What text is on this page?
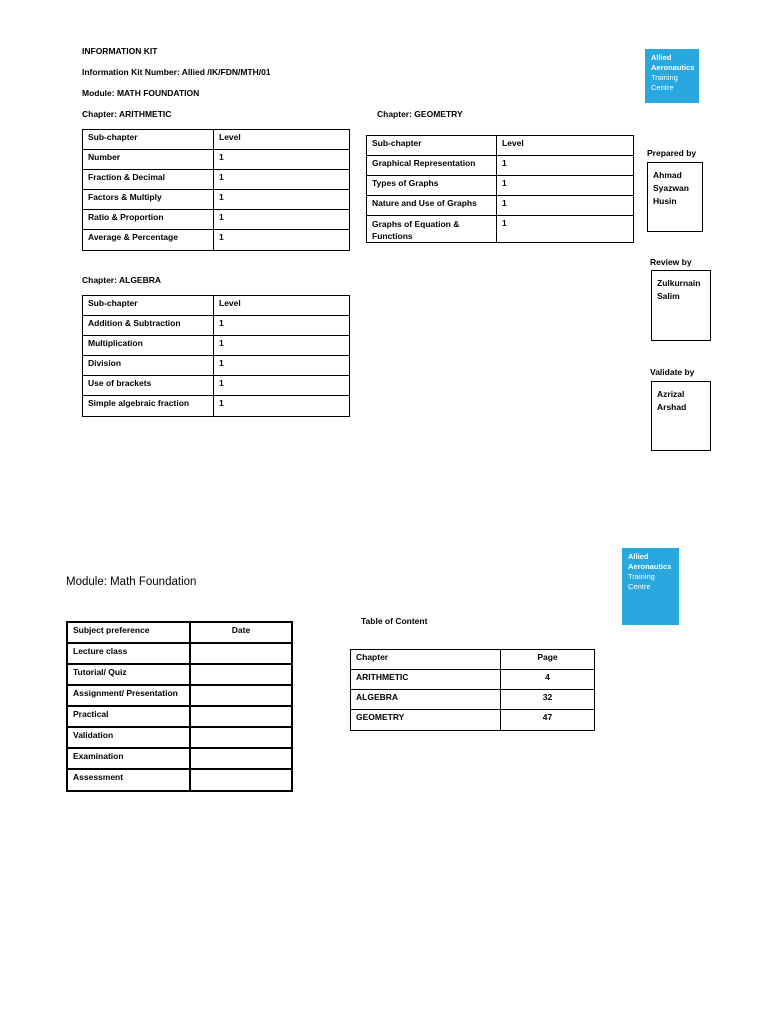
INFORMATION KIT
Information Kit Number: Allied /IK/FDN/MTH/01
Module: MATH FOUNDATION
Allied
Aeronautics
Training
Centre
Chapter: ARITHMETIC
Sub-chapter	Level
Number	1
Fraction & Decimal	1
Factors & Multiply	1
Ratio & Proportion	1
Average & Percentage	1
Chapter: GEOMETRY
Sub-chapter	Level
Graphical Representation	1
Types of Graphs	1
Nature and Use of Graphs	1
Graphs of Equation & Functions	1
Chapter: ALGEBRA
Sub-chapter	Level
Addition & Subtraction	1
Multiplication	1
Division	1
Use of brackets	1
Simple algebraic fraction	1
Prepared by
Ahmad
Syazwan
Husin
Review by
Zulkurnain
Salim
Validate by
Azrizal
Arshad
Module: Math Foundation
Allied
Aeronautics
Training
Centre
Subject preference	Date
Lecture class	
Tutorial/ Quiz	
Assignment/ Presentation	
Practical	
Validation	
Examination	
Assessment	
Table of Content
Chapter	Page
ARITHMETIC	4
ALGEBRA	32
GEOMETRY	47
